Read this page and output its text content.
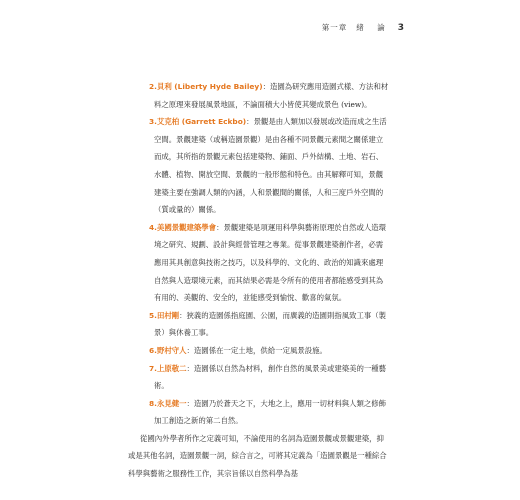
第一章 緒　論 3

2.貝利 (Liberty Hyde Bailey)：造園為研究應用造園式樣、方法和材料之原理來發展風景地區，不論面積大小皆使其變成景色 (view)。

3.艾克柏 (Garrett Eckbo)：景觀是由人類加以發展或改造而成之生活空間。景觀建築（或稱造園景觀）是由各種不同景觀元素間之關係建立而成，其所指的景觀元素包括建築物、鋪面、戶外結構、土地、岩石、水體、植物、開放空間、景觀的一般形態和特色。由其解釋可知，景觀建築主要在強調人類的內涵，人和景觀間的關係，人和三度戶外空間的（質或量的）關係。

4.美國景觀建築學會：景觀建築是項運用科學與藝術原理於自然或人造環境之研究、規劃、設計與經營管理之專業。從事景觀建築創作者，必需應用其具創意與技術之技巧，以及科學的、文化的、政治的知識來處理自然與人造環境元素，而其結果必需是令所有的使用者都能感受到其為有用的、美觀的、安全的，並能感受到愉悅、歡喜的氣氛。

5.田村剛：狹義的造園係指庭園、公園，而廣義的造園則指風致工事（製景）與休養工事。

6.野村守人：造園係在一定土地，供給一定風景設施。

7.上原敬二：造園係以自然為材料，創作自然的風景美或建築美的一種藝術。

8.永見健一：造園乃於蒼天之下，大地之上，應用一切材料與人類之修飾加工創造之新的第二自然。

從國內外學者所作之定義可知，不論使用的名詞為造園景觀或景觀建築，抑或是其他名詞，造園景觀一詞，綜合言之，可將其定義為「造園景觀是一種綜合科學與藝術之服務性工作，其宗旨係以自然科學為基
